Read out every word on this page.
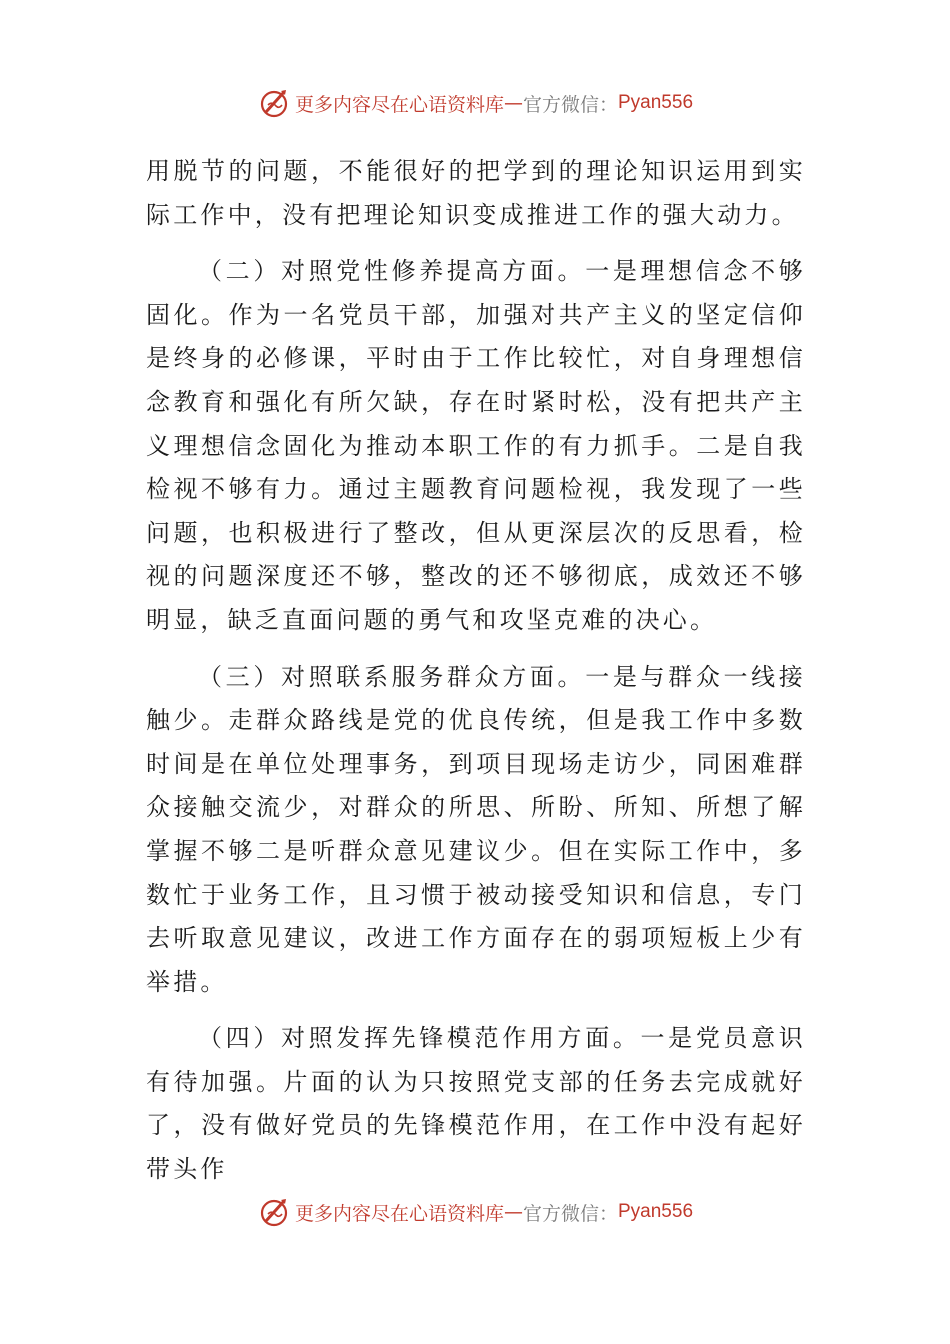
更多内容尽在心语资料库 — 官方微信： Pyan556

用脱节的问题，不能很好的把学到的理论知识运用到实际工作中，没有把理论知识变成推进工作的强大动力。

（二）对照党性修养提高方面。一是理想信念不够固化。作为一名党员干部，加强对共产主义的坚定信仰是终身的必修课，平时由于工作比较忙，对自身理想信念教育和强化有所欠缺，存在时紧时松，没有把共产主义理想信念固化为推动本职工作的有力抓手。二是自我检视不够有力。通过主题教育问题检视，我发现了一些问题，也积极进行了整改，但从更深层次的反思看，检视的问题深度还不够，整改的还不够彻底，成效还不够明显，缺乏直面问题的勇气和攻坚克难的决心。

（三）对照联系服务群众方面。一是与群众一线接触少。走群众路线是党的优良传统，但是我工作中多数时间是在单位处理事务，到项目现场走访少，同困难群众接触交流少，对群众的所思、所盼、所知、所想了解掌握不够二是听群众意见建议少。但在实际工作中，多数忙于业务工作，且习惯于被动接受知识和信息，专门去听取意见建议，改进工作方面存在的弱项短板上少有举措。

（四）对照发挥先锋模范作用方面。一是党员意识有待加强。片面的认为只按照党支部的任务去完成就好了，没有做好党员的先锋模范作用，在工作中没有起好带头作

更多内容尽在心语资料库 — 官方微信： Pyan556
